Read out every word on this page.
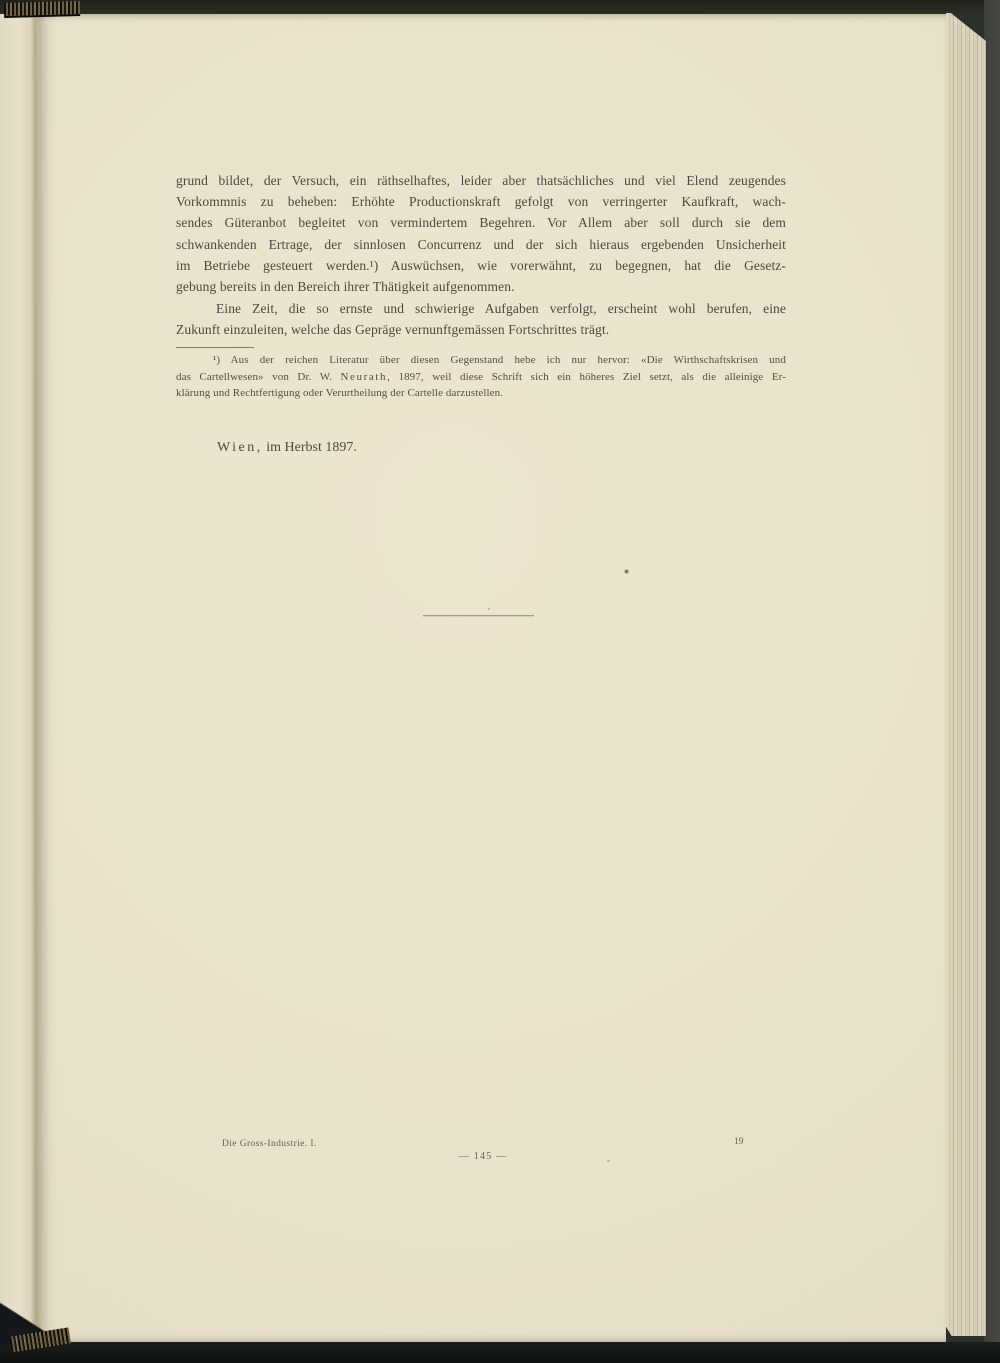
grund bildet, der Versuch, ein räthselhaftes, leider aber thatsächliches und viel Elend zeugendes
Vorkommnis zu beheben: Erhöhte Productionskraft gefolgt von verringerter Kaufkraft, wach-
sendes Güteranbot begleitet von vermindertem Begehren. Vor Allem aber soll durch sie dem
schwankenden Ertrage, der sinnlosen Concurrenz und der sich hieraus ergebenden Unsicherheit
im Betriebe gesteuert werden.¹) Auswüchsen, wie vorerwähnt, zu begegnen, hat die Gesetz-
gebung bereits in den Bereich ihrer Thätigkeit aufgenommen.
Eine Zeit, die so ernste und schwierige Aufgaben verfolgt, erscheint wohl berufen, eine
Zukunft einzuleiten, welche das Gepräge vernunftgemässen Fortschrittes trägt.
¹) Aus der reichen Literatur über diesen Gegenstand hebe ich nur hervor: «Die Wirthschaftskrisen und
das Cartellwesen» von Dr. W. Neurath, 1897, weil diese Schrift sich ein höheres Ziel setzt, als die alleinige Er-
klärung und Rechtfertigung oder Verurtheilung der Cartelle darzustellen.
Wien, im Herbst 1897.
Die Gross-Industrie. I.	19
— 145 —
